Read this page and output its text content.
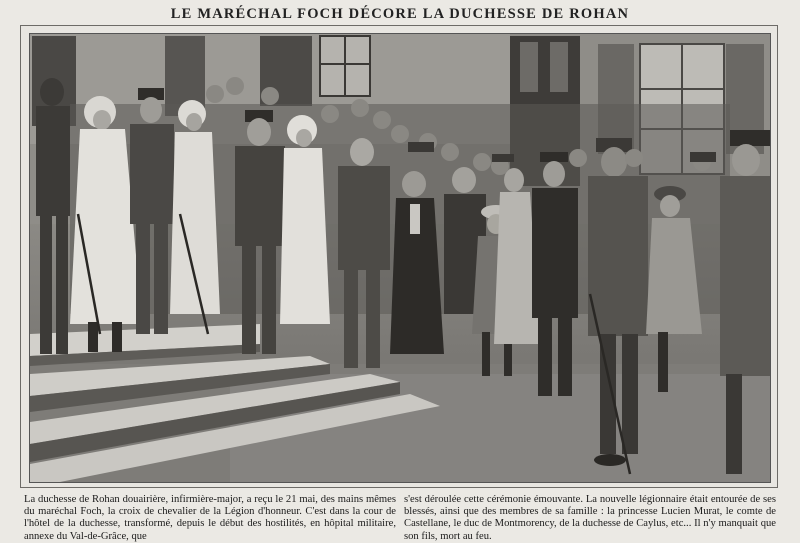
LE MARÉCHAL FOCH DÉCORE LA DUCHESSE DE ROHAN
La duchesse de Rohan douairière, infirmière-major, a reçu le 21 mai, des mains mêmes du maréchal Foch, la croix de chevalier de la Légion d'honneur. C'est dans la cour de l'hôtel de la duchesse, transformé, depuis le début des hostilités, en hôpital militaire, annexe du Val-de-Grâce, que
s'est déroulée cette cérémonie émouvante. La nouvelle légionnaire était entourée de ses blessés, ainsi que des membres de sa famille : la princesse Lucien Murat, le comte de Castellane, le duc de Montmorency, de la duchesse de Caylus, etc... Il n'y manquait que son fils, mort au feu.
